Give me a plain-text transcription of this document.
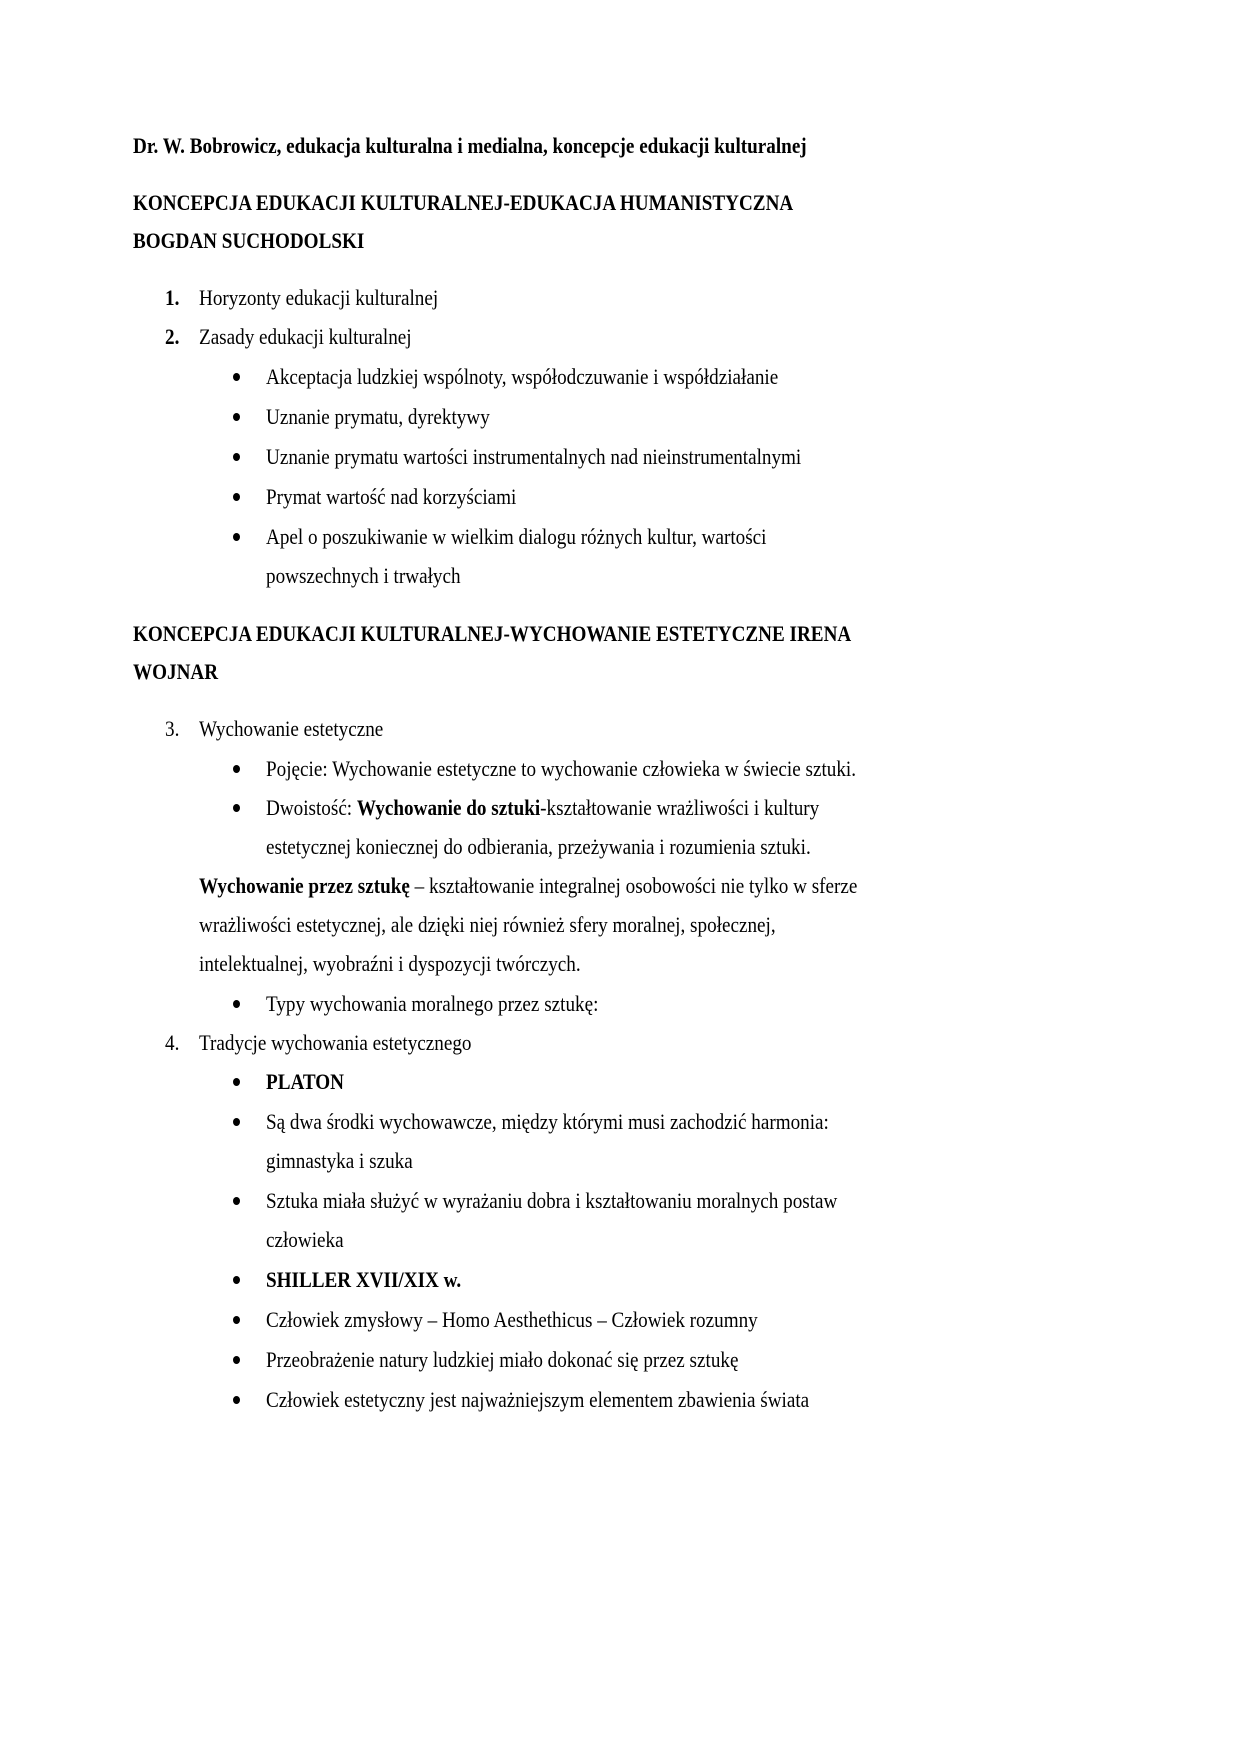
Dr. W. Bobrowicz, edukacja kulturalna i medialna, koncepcje edukacji kulturalnej
KONCEPCJA EDUKACJI KULTURALNEJ-EDUKACJA HUMANISTYCZNA
BOGDAN SUCHODOLSKI
1. Horyzonty edukacji kulturalnej
2. Zasady edukacji kulturalnej
Akceptacja ludzkiej wspólnoty, współodczuwanie i współdziałanie
Uznanie prymatu, dyrektywy
Uznanie prymatu wartości instrumentalnych nad nieinstrumentalnymi
Prymat wartość nad korzyściami
Apel o poszukiwanie w wielkim dialogu różnych kultur, wartości
powszechnych i trwałych
KONCEPCJA EDUKACJI KULTURALNEJ-WYCHOWANIE ESTETYCZNE IRENA
WOJNAR
3. Wychowanie estetyczne
Pojęcie: Wychowanie estetyczne to wychowanie człowieka w świecie sztuki.
Dwoistość: Wychowanie do sztuki-kształtowanie wrażliwości i kultury
estetycznej koniecznej do odbierania, przeżywania i rozumienia sztuki.
Wychowanie przez sztukę – kształtowanie integralnej osobowości nie tylko w sferze
wrażliwości estetycznej, ale dzięki niej również sfery moralnej, społecznej,
intelektualnej, wyobraźni i dyspozycji twórczych.
Typy wychowania moralnego przez sztukę:
4. Tradycje wychowania estetycznego
PLATON
Są dwa środki wychowawcze, między którymi musi zachodzić harmonia:
gimnastyka i szuka
Sztuka miała służyć w wyrażaniu dobra i kształtowaniu moralnych postaw
człowieka
SHILLER XVII/XIX w.
Człowiek zmysłowy – Homo Aesthethicus – Człowiek rozumny
Przeobrażenie natury ludzkiej miało dokonać się przez sztukę
Człowiek estetyczny jest najważniejszym elementem zbawienia świata
